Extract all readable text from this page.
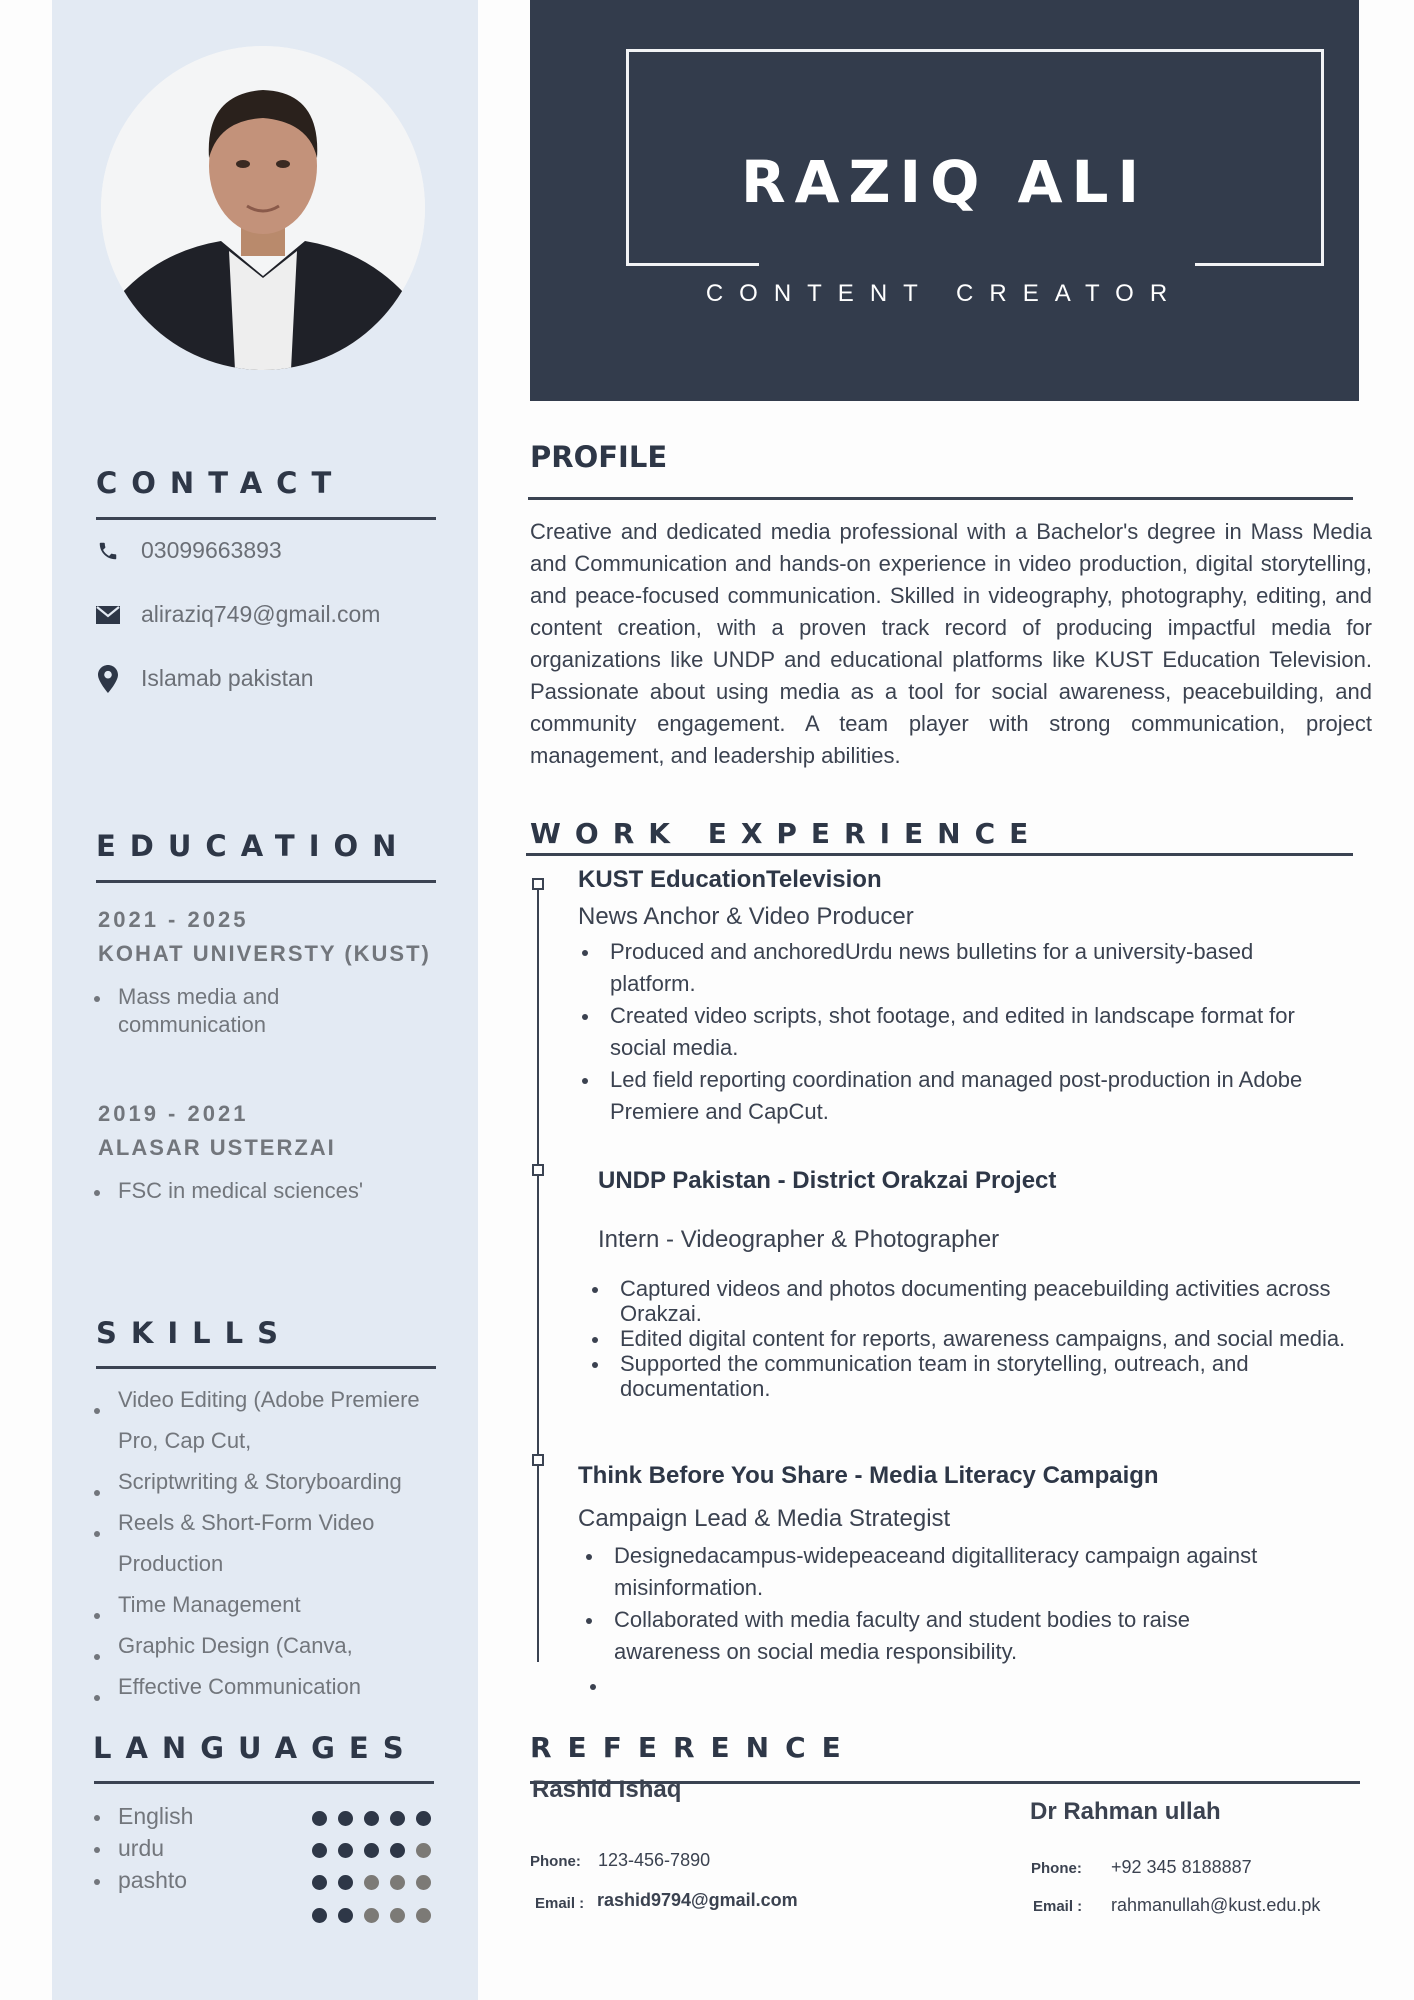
CONTACT
03099663893
aliraziq749@gmail.com
Islamab pakistan
EDUCATION
2021 - 2025
KOHAT UNIVERSTY (KUST)
Mass media and communication
2019 - 2021
ALASAR USTERZAI
FSC in medical sciences'
SKILLS
Video Editing (Adobe Premiere Pro, Cap Cut,
Scriptwriting & Storyboarding
Reels & Short-Form Video Production
Time Management
Graphic Design (Canva,
Effective Communication
LANGUAGES
English
urdu
pashto
RAZIQ ALI
CONTENT CREATOR
PROFILE

Creative and dedicated media professional with a Bachelor's degree in Mass Media and Communication and hands-on experience in video production, digital storytelling, and peace-focused communication. Skilled in videography, photography, editing, and content creation, with a proven track record of producing impactful media for organizations like UNDP and educational platforms like KUST Education Television. Passionate about using media as a tool for social awareness, peacebuilding, and community engagement. A team player with strong communication, project management, and leadership abilities.

WORK EXPERIENCE
KUST EducationTelevision
News Anchor & Video Producer
Produced and anchoredUrdu news bulletins for a university-based platform.
Created video scripts, shot footage, and edited in landscape format for social media.
Led field reporting coordination and managed post-production in Adobe Premiere and CapCut.
UNDP Pakistan - District Orakzai Project
Intern - Videographer & Photographer
Captured videos and photos documenting peacebuilding activities across Orakzai.
Edited digital content for reports, awareness campaigns, and social media.
Supported the communication team in storytelling, outreach, and documentation.
Think Before You Share - Media Literacy Campaign
Campaign Lead & Media Strategist
Designedacampus-widepeaceand digitalliteracy campaign against misinformation.
Collaborated with media faculty and student bodies to raise awareness on social media responsibility.
REFERENCE
Rashid Ishaq
Phone: 123-456-7890
Email : rashid9794@gmail.com
Dr Rahman ullah
Phone: +92 345 8188887
Email : rahmanullah@kust.edu.pk
